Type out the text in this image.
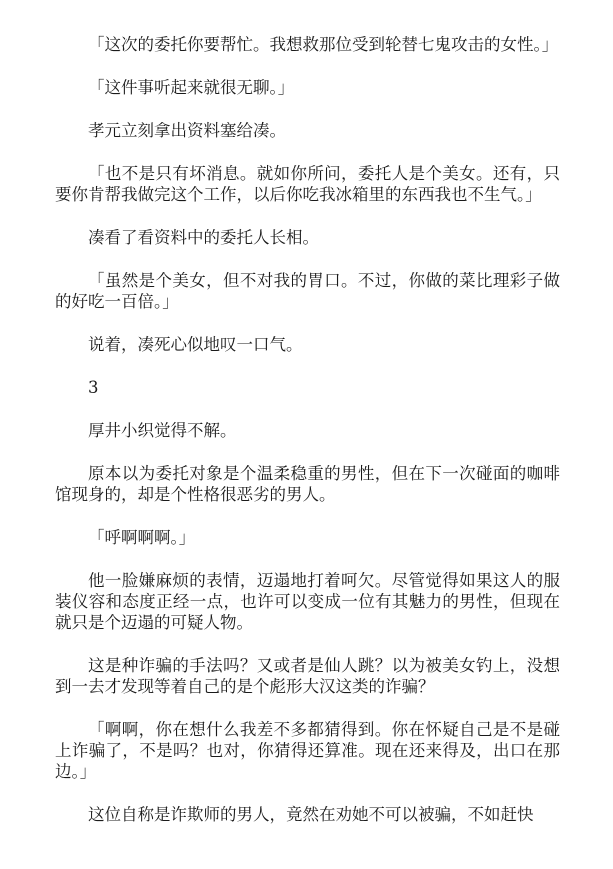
「这次的委托你要帮忙。我想救那位受到轮替七鬼攻击的女性。」

「这件事听起来就很无聊。」

孝元立刻拿出资料塞给凑。

「也不是只有坏消息。就如你所问，委托人是个美女。还有，只要你肯帮我做完这个工作，以后你吃我冰箱里的东西我也不生气。」

凑看了看资料中的委托人长相。

「虽然是个美女，但不对我的胃口。不过，你做的菜比理彩子做的好吃一百倍。」

说着，凑死心似地叹一口气。

3

厚井小织觉得不解。

原本以为委托对象是个温柔稳重的男性，但在下一次碰面的咖啡馆现身的，却是个性格很恶劣的男人。

「呼啊啊啊。」

他一脸嫌麻烦的表情，迈遢地打着呵欠。尽管觉得如果这人的服装仪容和态度正经一点，也许可以变成一位有其魅力的男性，但现在就只是个迈遢的可疑人物。

这是种诈骗的手法吗？又或者是仙人跳？以为被美女钓上，没想到一去才发现等着自己的是个彪形大汉这类的诈骗？

「啊啊，你在想什么我差不多都猜得到。你在怀疑自己是不是碰上诈骗了，不是吗？也对，你猜得还算准。现在还来得及，出口在那边。」

这位自称是诈欺师的男人，竟然在劝她不可以被骗，不如赶快
